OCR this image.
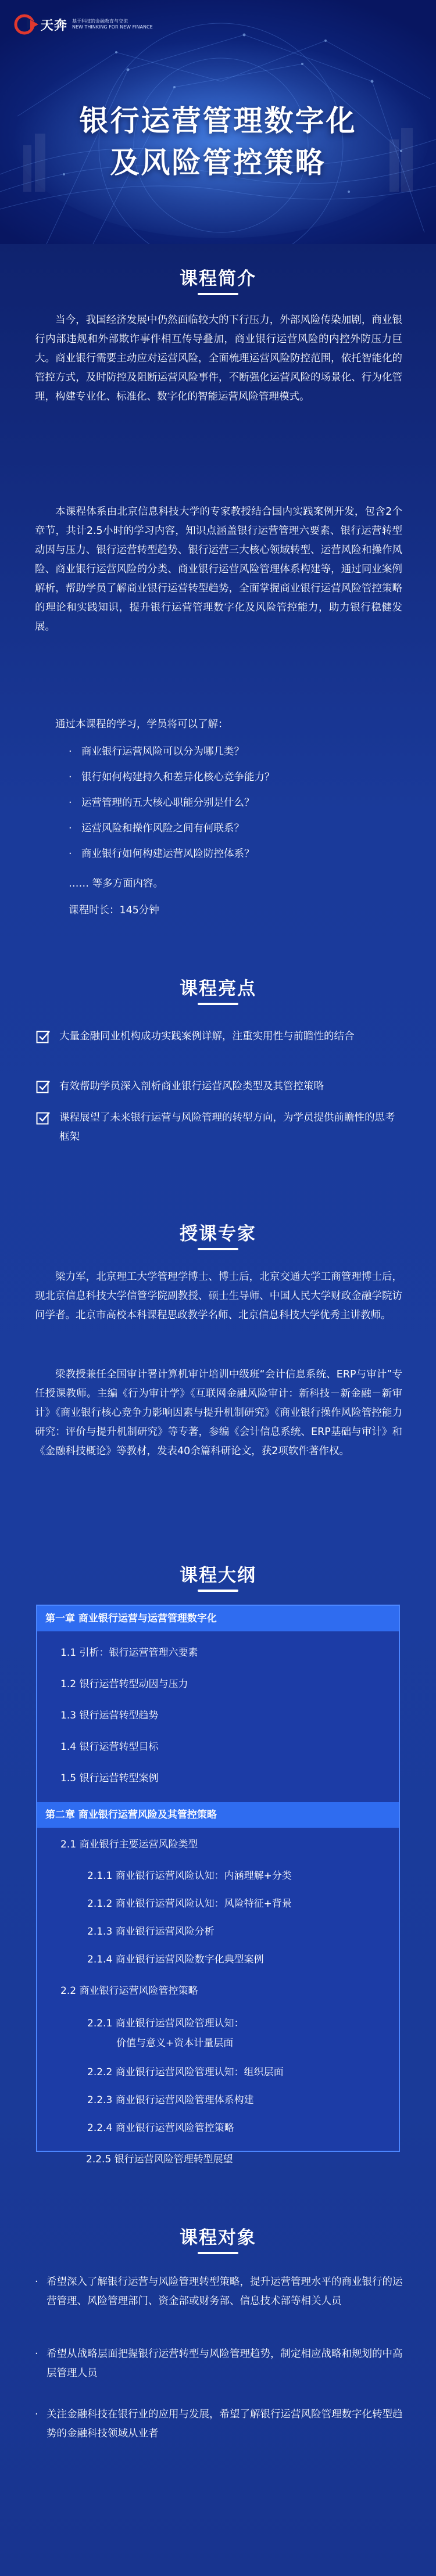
天奔 基于科技的金融教育与交流
NEW THINKING FOR NEW FINANCE
银行运营管理数字化
及风险管控策略
课程简介

当今，我国经济发展中仍然面临较大的下行压力，外部风险传染加剧，商业银行内部违规和外部欺诈事件相互传导叠加，商业银行运营风险的内控外防压力巨大。商业银行需要主动应对运营风险，全面梳理运营风险防控范围，依托智能化的管控方式，及时防控及阻断运营风险事件，不断强化运营风险的场景化、行为化管理，构建专业化、标准化、数字化的智能运营风险管理模式。

本课程体系由北京信息科技大学的专家教授结合国内实践案例开发，包含2个章节，共计2.5小时的学习内容，知识点涵盖银行运营管理六要素、银行运营转型动因与压力、银行运营转型趋势、银行运营三大核心领域转型、运营风险和操作风险、商业银行运营风险的分类、商业银行运营风险管理体系构建等，通过同业案例解析，帮助学员了解商业银行运营转型趋势，全面掌握商业银行运营风险管控策略的理论和实践知识，提升银行运营管理数字化及风险管控能力，助力银行稳健发展。

通过本课程的学习，学员将可以了解：

· 商业银行运营风险可以分为哪几类？
· 银行如何构建持久和差异化核心竞争能力？
· 运营管理的五大核心职能分别是什么？
· 运营风险和操作风险之间有何联系？
· 商业银行如何构建运营风险防控体系？
…… 等多方面内容。
课程时长：145分钟
课程亮点
大量金融同业机构成功实践案例详解，注重实用性与前瞻性的结合
有效帮助学员深入剖析商业银行运营风险类型及其管控策略
课程展望了未来银行运营与风险管理的转型方向，为学员提供前瞻性的思考框架
授课专家

梁力军，北京理工大学管理学博士、博士后，北京交通大学工商管理博士后，现北京信息科技大学信管学院副教授、硕士生导师、中国人民大学财政金融学院访问学者。北京市高校本科课程思政教学名师、北京信息科技大学优秀主讲教师。

梁教授兼任全国审计署计算机审计培训中级班“会计信息系统、ERP与审计”专任授课教师。主编《行为审计学》《互联网金融风险审计：新科技－新金融－新审计》《商业银行核心竞争力影响因素与提升机制研究》《商业银行操作风险管控能力研究：评价与提升机制研究》等专著，参编《会计信息系统、ERP基础与审计》和《金融科技概论》等教材，发表40余篇科研论文，获2项软件著作权。

课程大纲
第一章 商业银行运营与运营管理数字化
1.1 引析：银行运营管理六要素
1.2 银行运营转型动因与压力
1.3 银行运营转型趋势
1.4 银行运营转型目标
1.5 银行运营转型案例
第二章 商业银行运营风险及其管控策略
2.1 商业银行主要运营风险类型
2.1.1 商业银行运营风险认知：内涵理解+分类
2.1.2 商业银行运营风险认知：风险特征+背景
2.1.3 商业银行运营风险分析
2.1.4 商业银行运营风险数字化典型案例
2.2 商业银行运营风险管控策略
2.2.1 商业银行运营风险管理认知：
价值与意义+资本计量层面
2.2.2 商业银行运营风险管理认知：组织层面
2.2.3 商业银行运营风险管理体系构建
2.2.4 商业银行运营风险管控策略
2.2.5 银行运营风险管理转型展望
课程对象
· 希望深入了解银行运营与风险管理转型策略，提升运营管理水平的商业银行的运营管理、风险管理部门、资金部或财务部、信息技术部等相关人员
· 希望从战略层面把握银行运营转型与风险管理趋势，制定相应战略和规划的中高层管理人员
· 关注金融科技在银行业的应用与发展，希望了解银行运营风险管理数字化转型趋势的金融科技领域从业者
